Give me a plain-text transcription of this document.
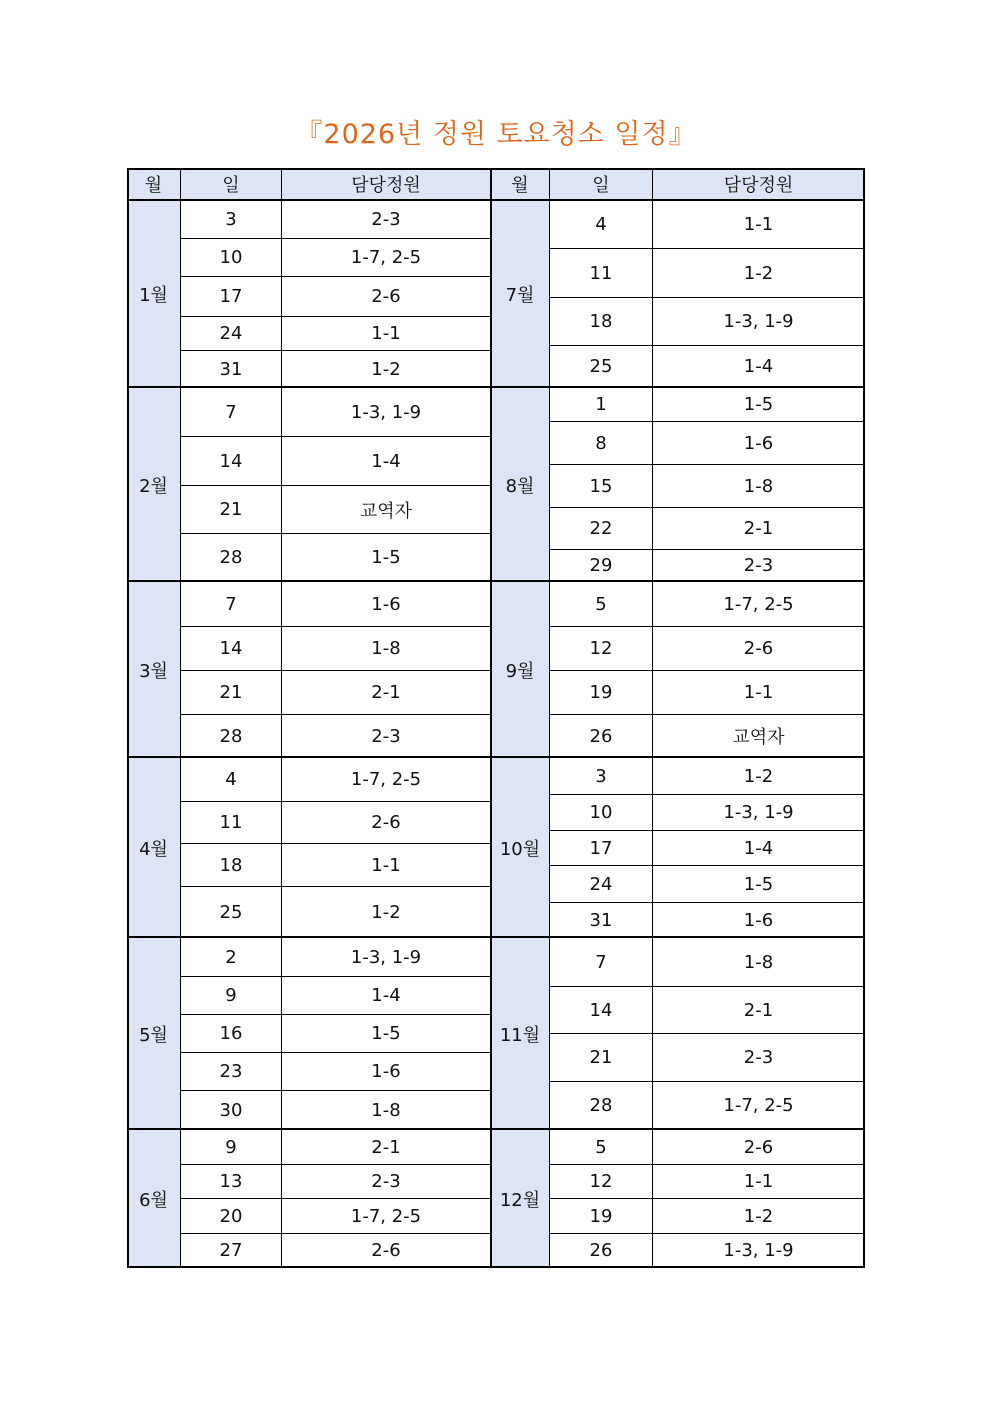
『2026년 정원 토요청소 일정』
월	일	담당정원
1월
3	2-3
10	1-7, 2-5
17	2-6
24	1-1
31	1-2
2월
7	1-3, 1-9
14	1-4
21	교역자
28	1-5
3월
7	1-6
14	1-8
21	2-1
28	2-3
4월
4	1-7, 2-5
11	2-6
18	1-1
25	1-2
5월
2	1-3, 1-9
9	1-4
16	1-5
23	1-6
30	1-8
6월
9	2-1
13	2-3
20	1-7, 2-5
27	2-6
월	일	담당정원
7월
4	1-1
11	1-2
18	1-3, 1-9
25	1-4
8월
1	1-5
8	1-6
15	1-8
22	2-1
29	2-3
9월
5	1-7, 2-5
12	2-6
19	1-1
26	교역자
10월
3	1-2
10	1-3, 1-9
17	1-4
24	1-5
31	1-6
11월
7	1-8
14	2-1
21	2-3
28	1-7, 2-5
12월
5	2-6
12	1-1
19	1-2
26	1-3, 1-9
